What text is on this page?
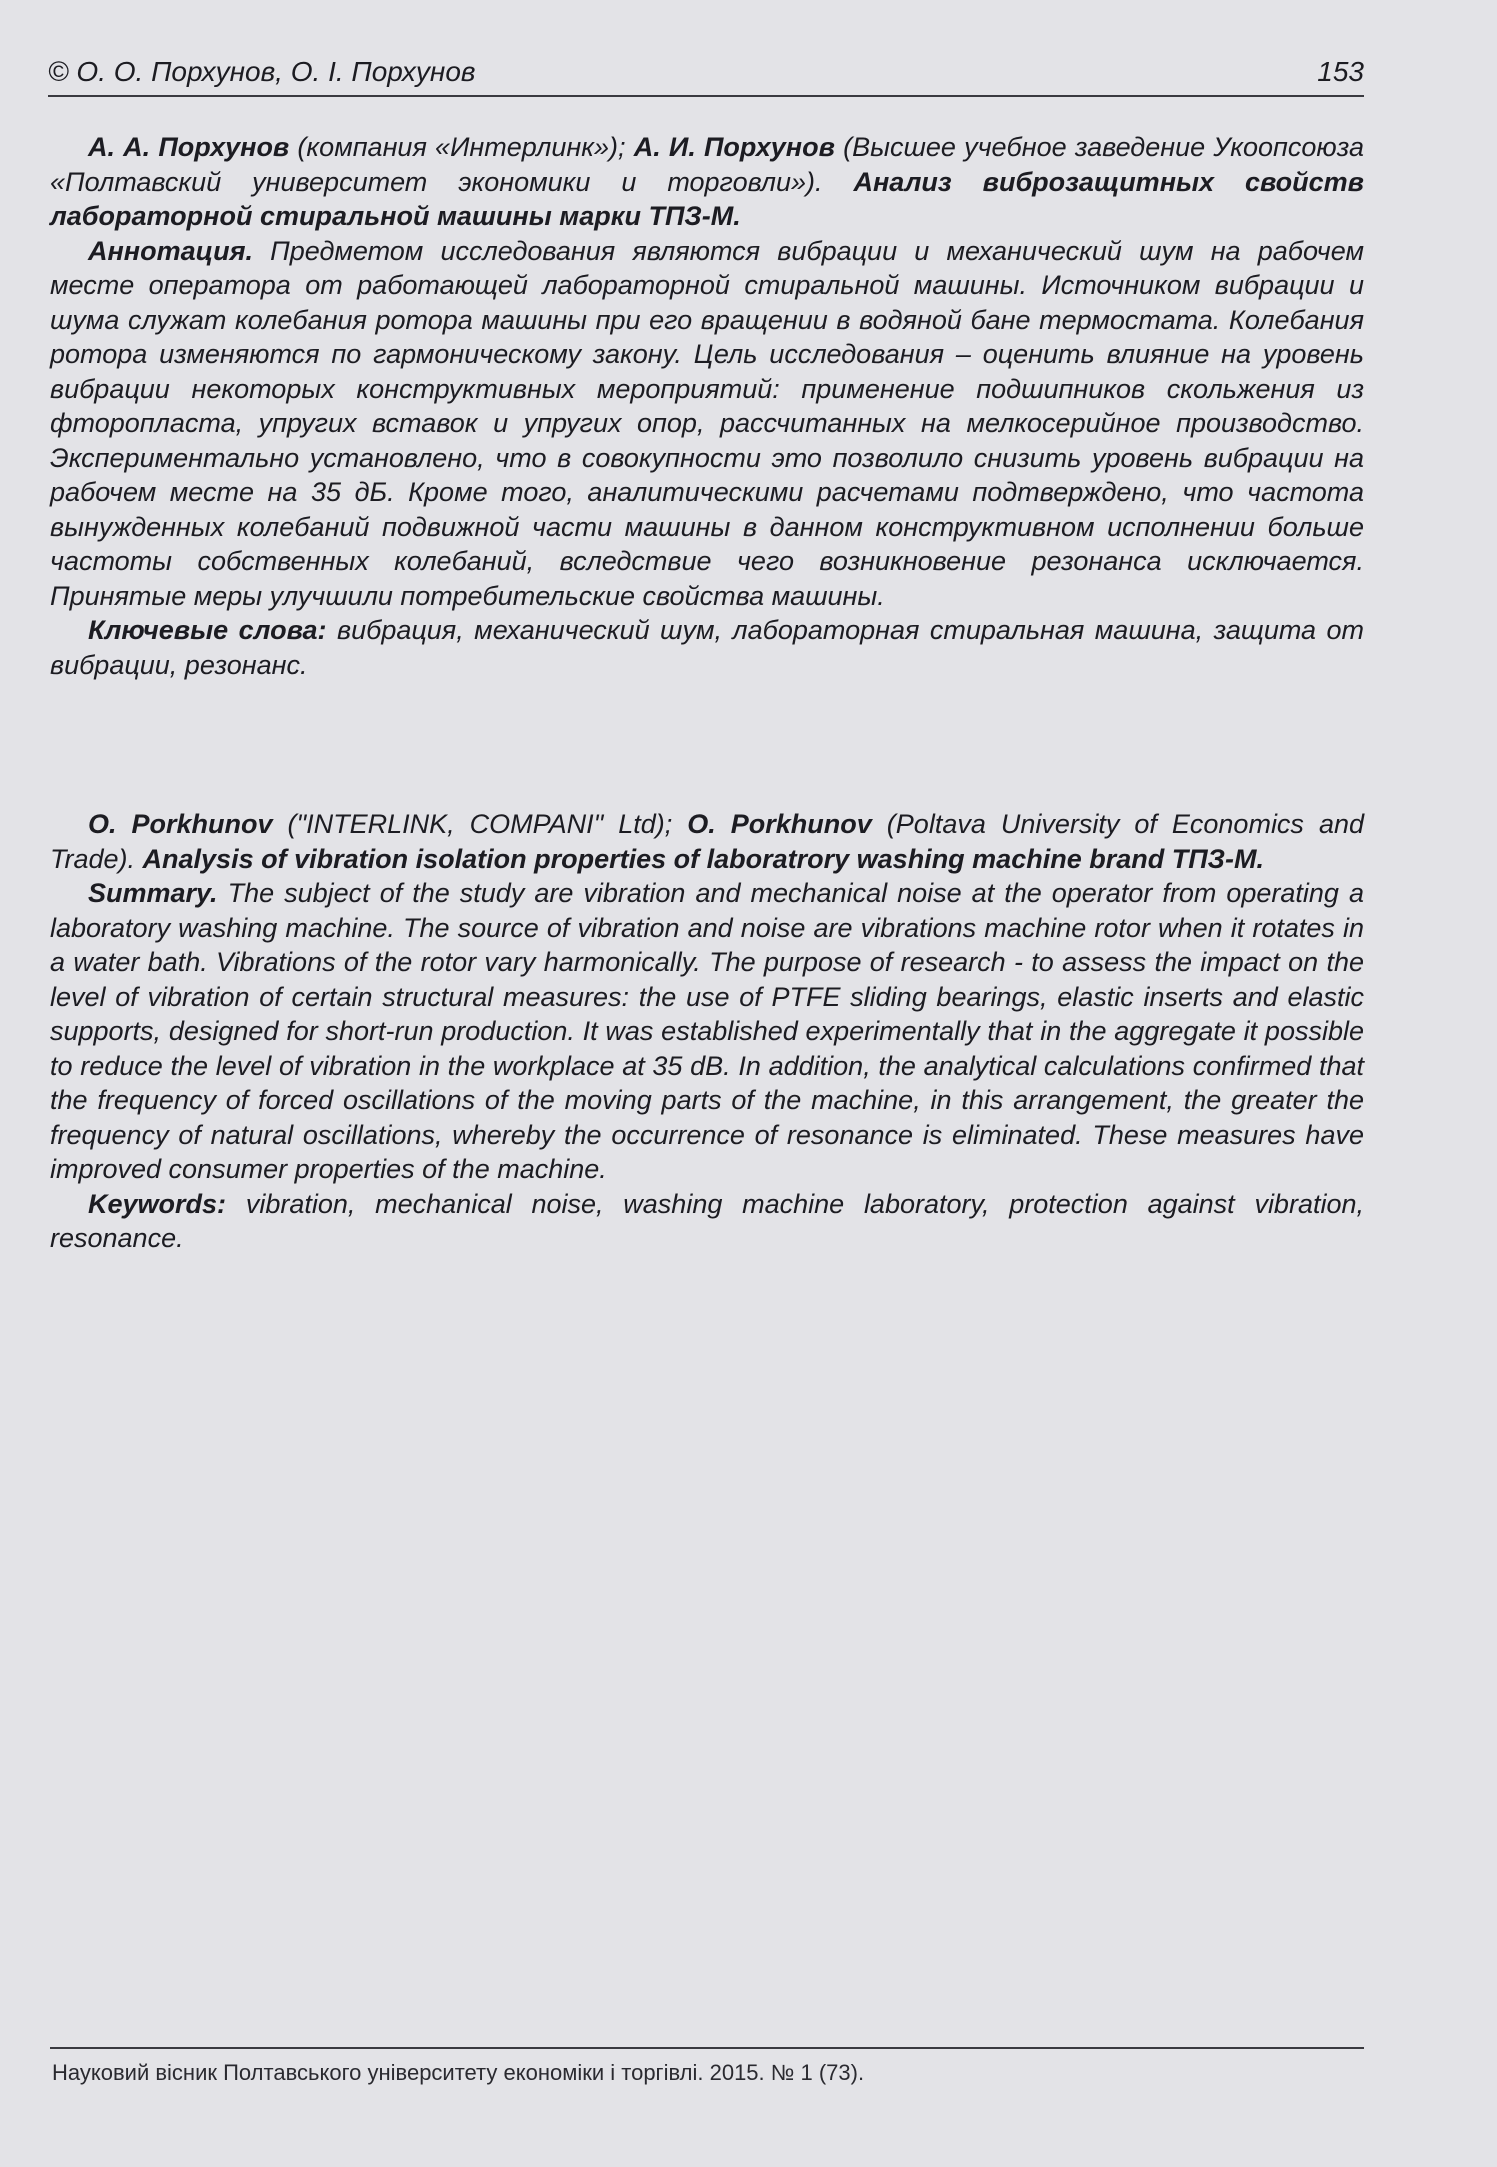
© О. О. Порхунов, О. І. Порхунов	153

А. А. Порхунов (компания «Интерлинк»); А. И. Порхунов (Высшее учебное заведение Укоопсоюза «Полтавский университет экономики и торговли»). Анализ виброзащитных свойств лабораторной стиральной машины марки ТПЗ-М.

Аннотация. Предметом исследования являются вибрации и механический шум на рабочем месте оператора от работающей лабораторной стиральной машины. Источником вибрации и шума служат колебания ротора машины при его вращении в водяной бане термостата. Колебания ротора изменяются по гармоническому закону. Цель исследования – оценить влияние на уровень вибрации некоторых конструктивных мероприятий: применение подшипников скольжения из фторопласта, упругих вставок и упругих опор, рассчитанных на мелкосерийное производство. Экспериментально установлено, что в совокупности это позволило снизить уровень вибрации на рабочем месте на 35 дБ. Кроме того, аналитическими расчетами подтверждено, что частота вынужденных колебаний подвижной части машины в данном конструктивном исполнении больше частоты собственных колебаний, вследствие чего возникновение резонанса исключается. Принятые меры улучшили потребительские свойства машины.

Ключевые слова: вибрация, механический шум, лабораторная стиральная машина, защита от вибрации, резонанс.

O. Porkhunov ("INTERLINK, COMPANI" Ltd); O. Porkhunov (Poltava University of Economics and Trade). Analysis of vibration isolation properties of laboratrory washing machine brand ТПЗ-М.

Summary. The subject of the study are vibration and mechanical noise at the operator from operating a laboratory washing machine. The source of vibration and noise are vibrations machine rotor when it rotates in a water bath. Vibrations of the rotor vary harmonically. The purpose of research - to assess the impact on the level of vibration of certain structural measures: the use of PTFE sliding bearings, elastic inserts and elastic supports, designed for short-run production. It was established experimentally that in the aggregate it possible to reduce the level of vibration in the workplace at 35 dB. In addition, the analytical calculations confirmed that the frequency of forced oscillations of the moving parts of the machine, in this arrangement, the greater the frequency of natural oscillations, whereby the occurrence of resonance is eliminated. These measures have improved consumer properties of the machine.

Keywords: vibration, mechanical noise, washing machine laboratory, protection against vibration, resonance.

Науковий вісник Полтавського університету економіки і торгівлі. 2015. № 1 (73).
